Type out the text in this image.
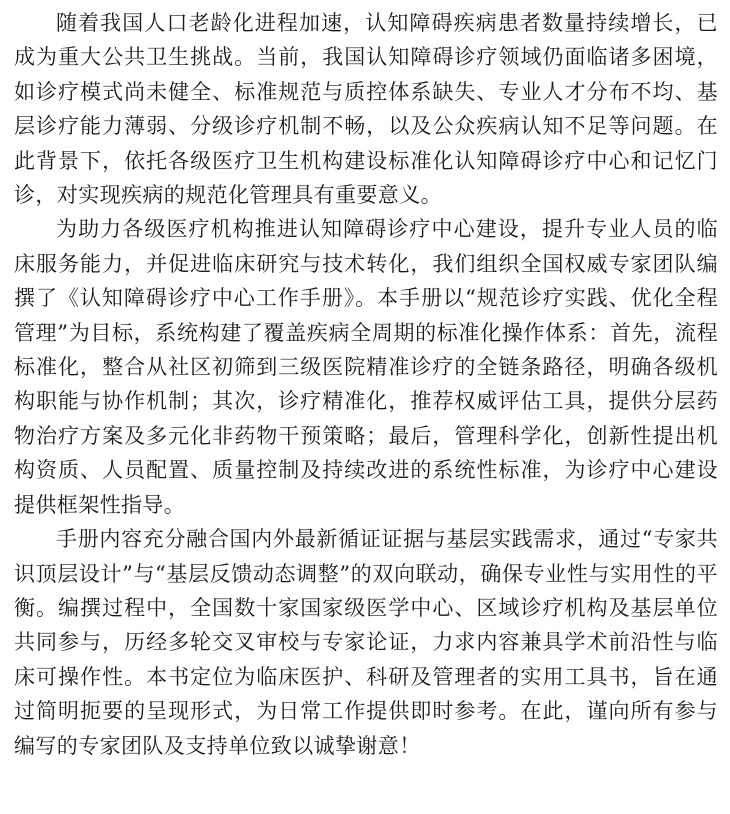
随着我国人口老龄化进程加速，认知障碍疾病患者数量持续增长，已成为重大公共卫生挑战。当前，我国认知障碍诊疗领域仍面临诸多困境，如诊疗模式尚未健全、标准规范与质控体系缺失、专业人才分布不均、基层诊疗能力薄弱、分级诊疗机制不畅，以及公众疾病认知不足等问题。在此背景下，依托各级医疗卫生机构建设标准化认知障碍诊疗中心和记忆门诊，对实现疾病的规范化管理具有重要意义。

为助力各级医疗机构推进认知障碍诊疗中心建设，提升专业人员的临床服务能力，并促进临床研究与技术转化，我们组织全国权威专家团队编撰了《认知障碍诊疗中心工作手册》。本手册以“规范诊疗实践、优化全程管理”为目标，系统构建了覆盖疾病全周期的标准化操作体系：首先，流程标准化，整合从社区初筛到三级医院精准诊疗的全链条路径，明确各级机构职能与协作机制；其次，诊疗精准化，推荐权威评估工具，提供分层药物治疗方案及多元化非药物干预策略；最后，管理科学化，创新性提出机构资质、人员配置、质量控制及持续改进的系统性标准，为诊疗中心建设提供框架性指导。

手册内容充分融合国内外最新循证证据与基层实践需求，通过“专家共识顶层设计”与“基层反馈动态调整”的双向联动，确保专业性与实用性的平衡。编撰过程中，全国数十家国家级医学中心、区域诊疗机构及基层单位共同参与，历经多轮交叉审校与专家论证，力求内容兼具学术前沿性与临床可操作性。本书定位为临床医护、科研及管理者的实用工具书，旨在通过简明扼要的呈现形式，为日常工作提供即时参考。在此，谨向所有参与编写的专家团队及支持单位致以诚挚谢意！
